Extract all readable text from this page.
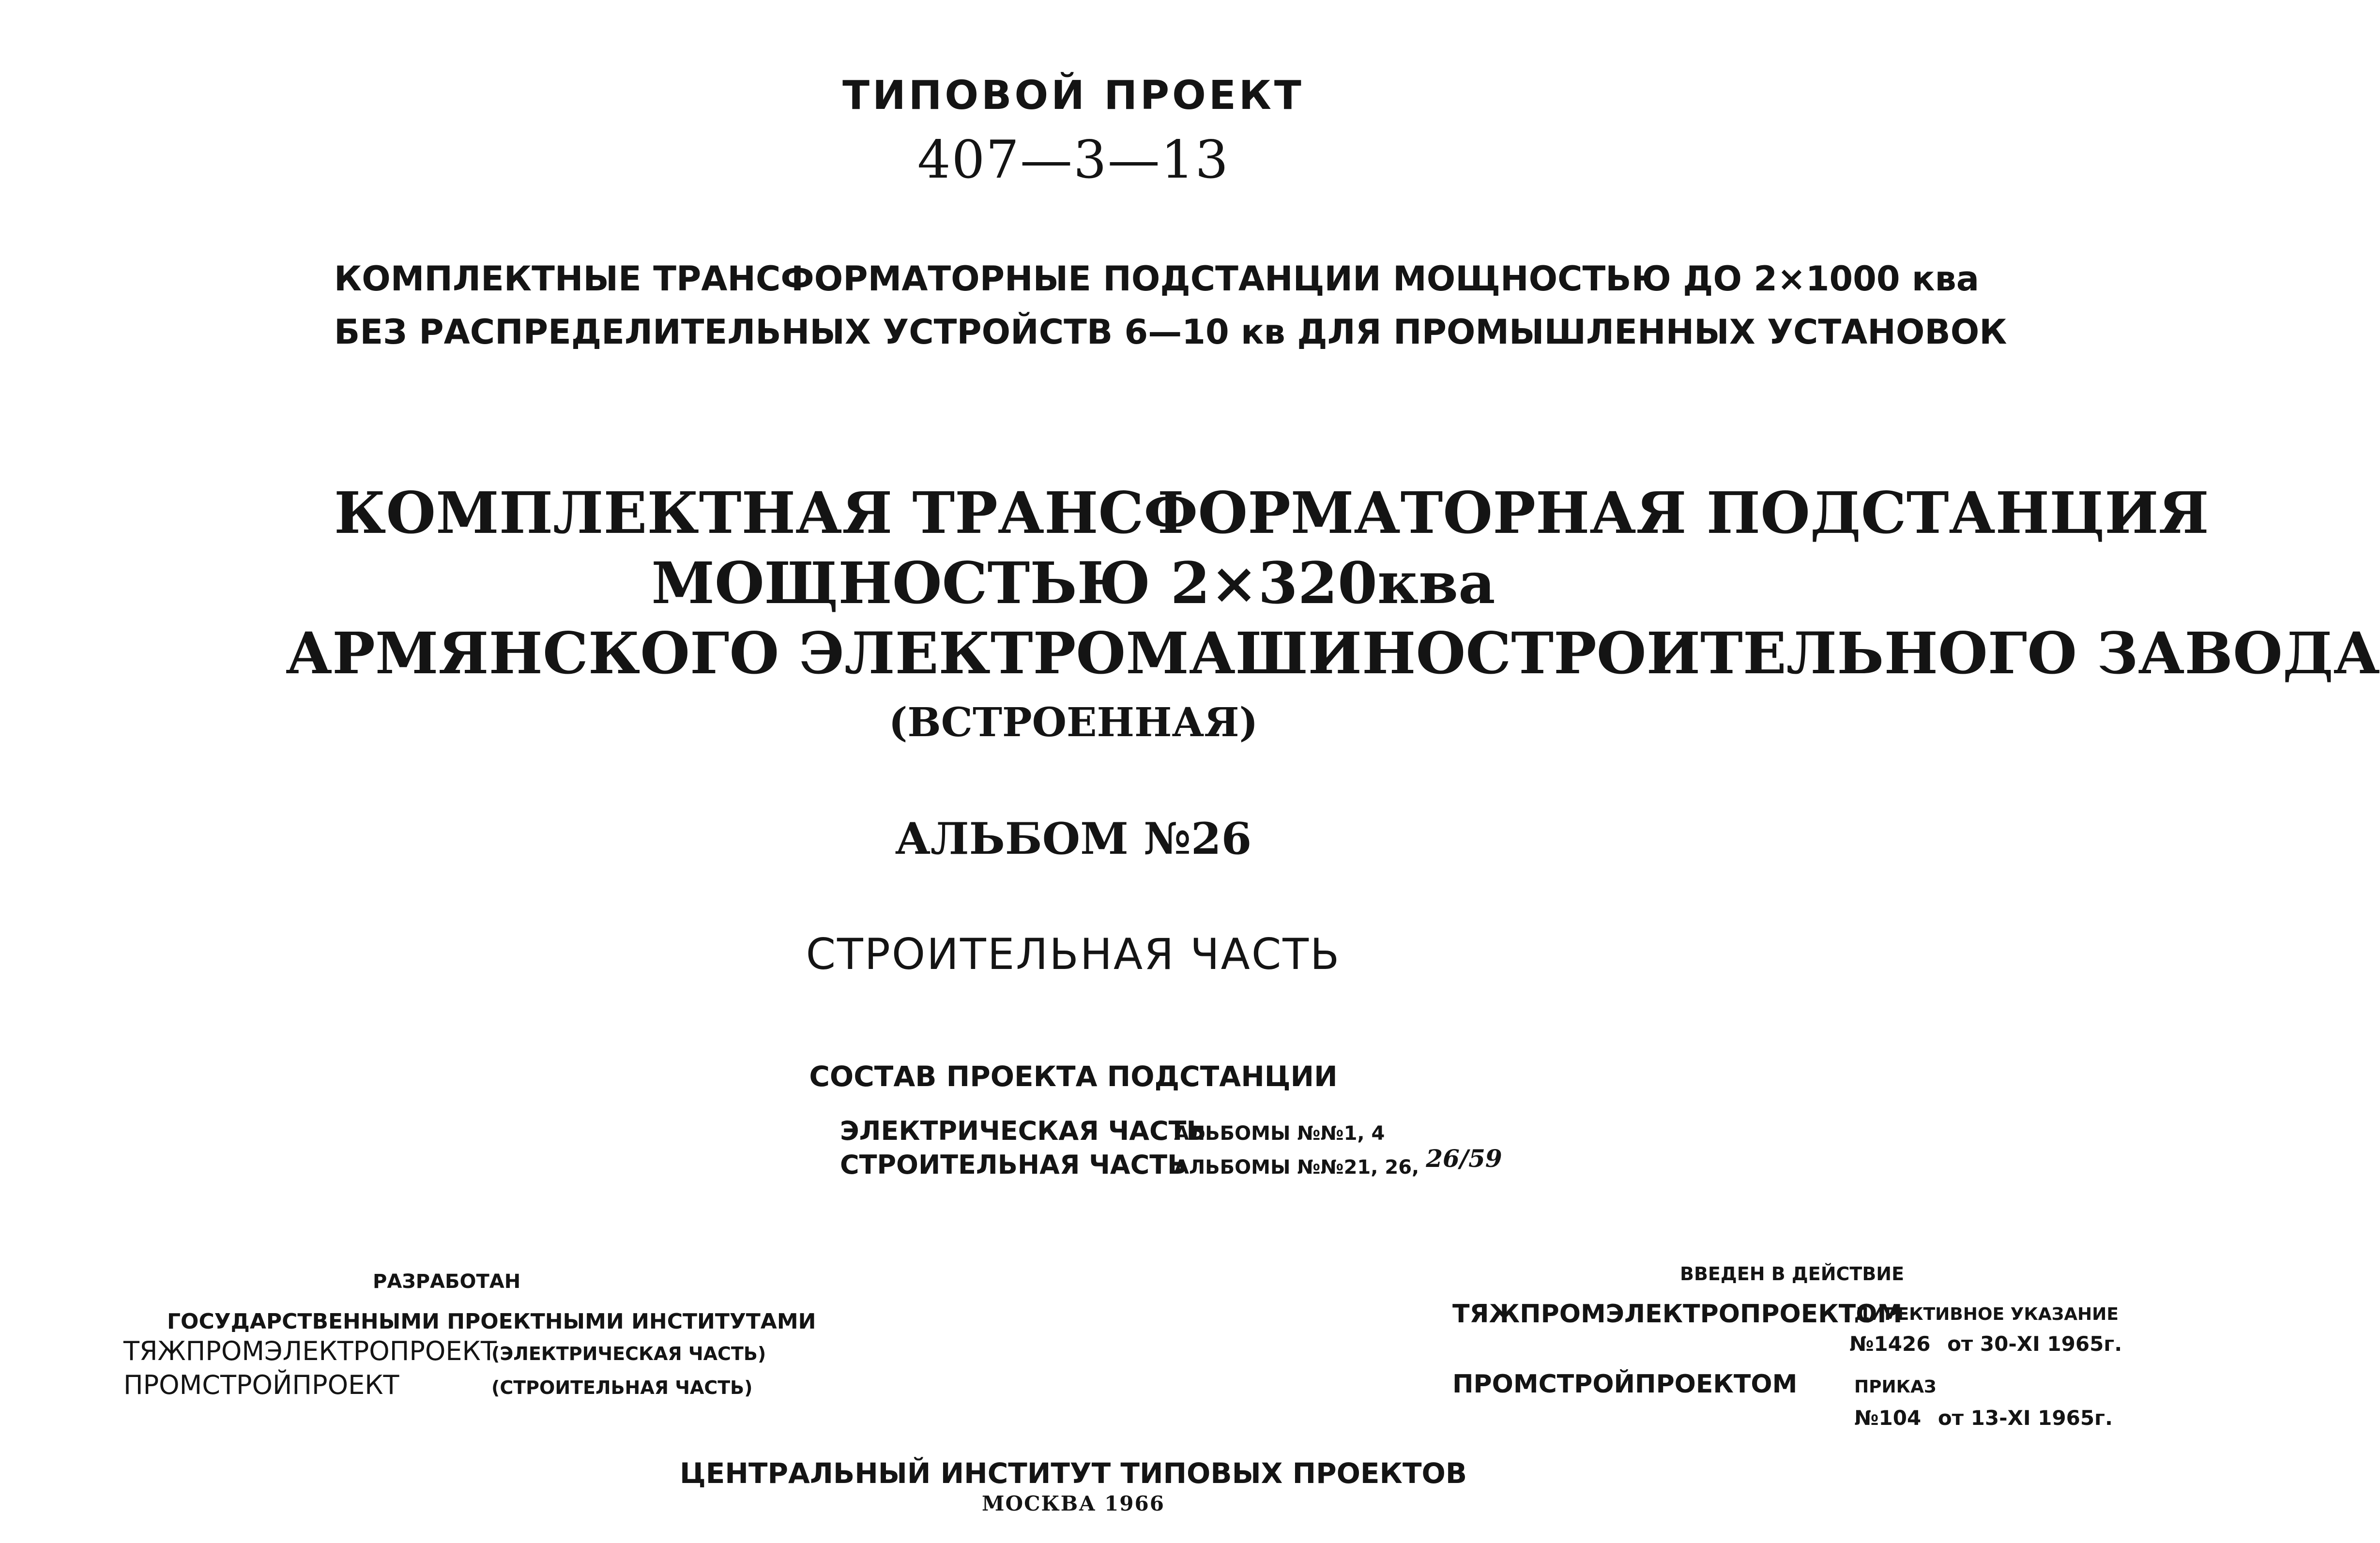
ТИПОВОЙ ПРОЕКТ
407—3—13
КОМПЛЕКТНЫЕ ТРАНСФОРМАТОРНЫЕ ПОДСТАНЦИИ МОЩНОСТЬЮ ДО 2×1000 ква
БЕЗ РАСПРЕДЕЛИТЕЛЬНЫХ УСТРОЙСТВ 6—10 кв ДЛЯ ПРОМЫШЛЕННЫХ УСТАНОВОК
КОМПЛЕКТНАЯ ТРАНСФОРМАТОРНАЯ ПОДСТАНЦИЯ
МОЩНОСТЬЮ 2×320ква
АРМЯНСКОГО ЭЛЕКТРОМАШИНОСТРОИТЕЛЬНОГО ЗАВОДА
(ВСТРОЕННАЯ)
АЛЬБОМ №26
СТРОИТЕЛЬНАЯ ЧАСТЬ
СОСТАВ ПРОЕКТА ПОДСТАНЦИИ
ЭЛЕКТРИЧЕСКАЯ ЧАСТЬАЛЬБОМЫ №№1, 4
СТРОИТЕЛЬНАЯ ЧАСТЬАЛЬБОМЫ №№21, 26, 26/59
РАЗРАБОТАН
ГОСУДАРСТВЕННЫМИ ПРОЕКТНЫМИ ИНСТИТУТАМИ
ТЯЖПРОМЭЛЕКТРОПРОЕКТ(ЭЛЕКТРИЧЕСКАЯ ЧАСТЬ)
ПРОМСТРОЙПРОЕКТ	(СТРОИТЕЛЬНАЯ ЧАСТЬ)
ВВЕДЕН В ДЕЙСТВИЕ
ТЯЖПРОМЭЛЕКТРОПРОЕКТОМ
ДИРЕКТИВНОЕ УКАЗАНИЕ
№1426 от 30-XI 1965г.
ПРОМСТРОЙПРОЕКТОМ	ПРИКАЗ
№104 от 13-XI 1965г.
ЦЕНТРАЛЬНЫЙ ИНСТИТУТ ТИПОВЫХ ПРОЕКТОВ
МОСКВА 1966
